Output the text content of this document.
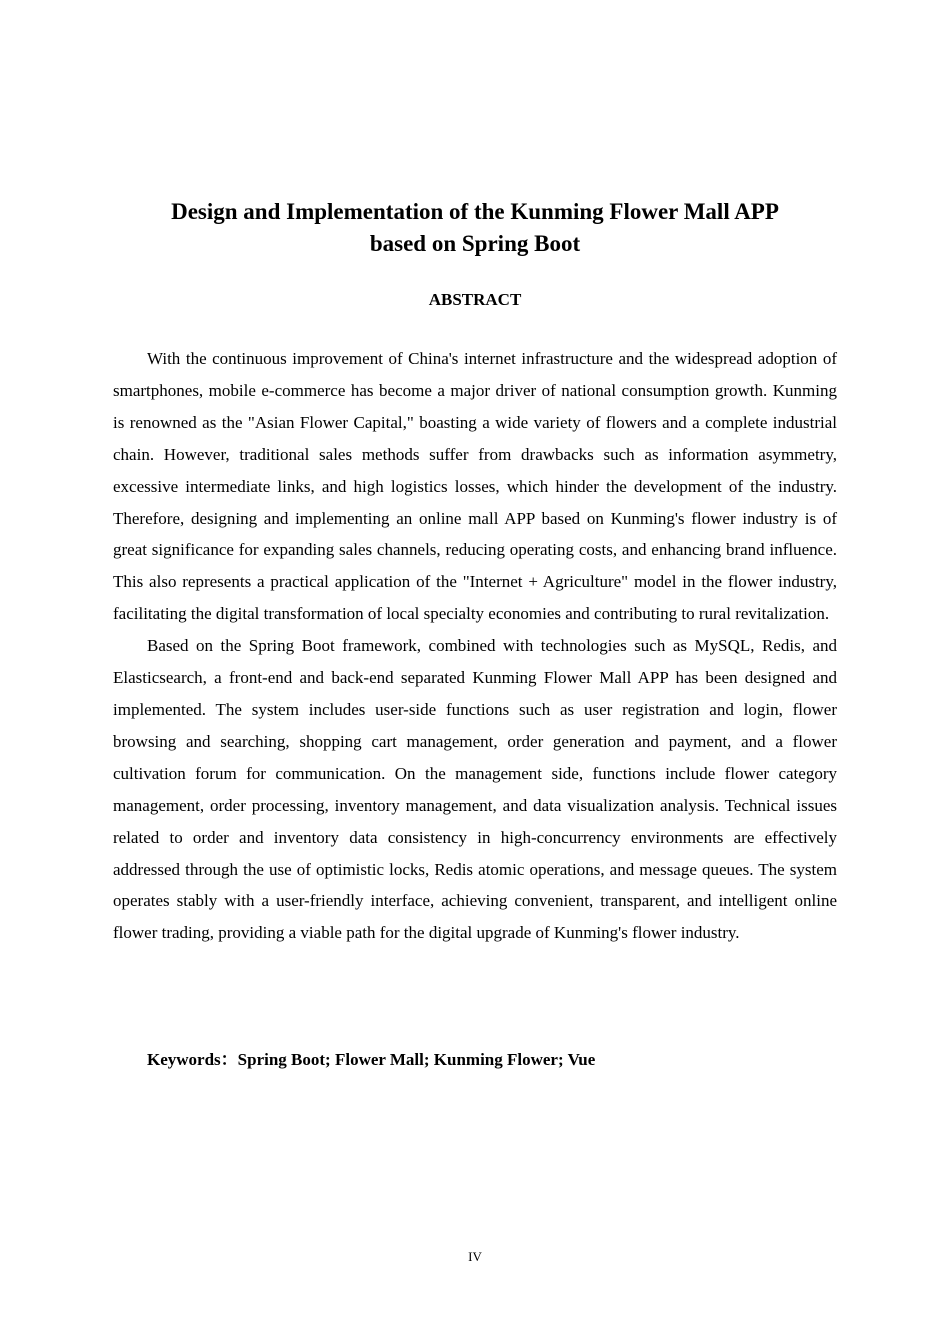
Design and Implementation of the Kunming Flower Mall APP
based on Spring Boot
ABSTRACT

With the continuous improvement of China's internet infrastructure and the widespread adoption of smartphones, mobile e-commerce has become a major driver of national consumption growth. Kunming is renowned as the "Asian Flower Capital," boasting a wide variety of flowers and a complete industrial chain. However, traditional sales methods suffer from drawbacks such as information asymmetry, excessive intermediate links, and high logistics losses, which hinder the development of the industry. Therefore, designing and implementing an online mall APP based on Kunming's flower industry is of great significance for expanding sales channels, reducing operating costs, and enhancing brand influence. This also represents a practical application of the "Internet + Agriculture" model in the flower industry, facilitating the digital transformation of local specialty economies and contributing to rural revitalization.

Based on the Spring Boot framework, combined with technologies such as MySQL, Redis, and Elasticsearch, a front-end and back-end separated Kunming Flower Mall APP has been designed and implemented. The system includes user-side functions such as user registration and login, flower browsing and searching, shopping cart management, order generation and payment, and a flower cultivation forum for communication. On the management side, functions include flower category management, order processing, inventory management, and data visualization analysis. Technical issues related to order and inventory data consistency in high-concurrency environments are effectively addressed through the use of optimistic locks, Redis atomic operations, and message queues. The system operates stably with a user-friendly interface, achieving convenient, transparent, and intelligent online flower trading, providing a viable path for the digital upgrade of Kunming's flower industry.

Keywords：Spring Boot; Flower Mall; Kunming Flower; Vue

IV
